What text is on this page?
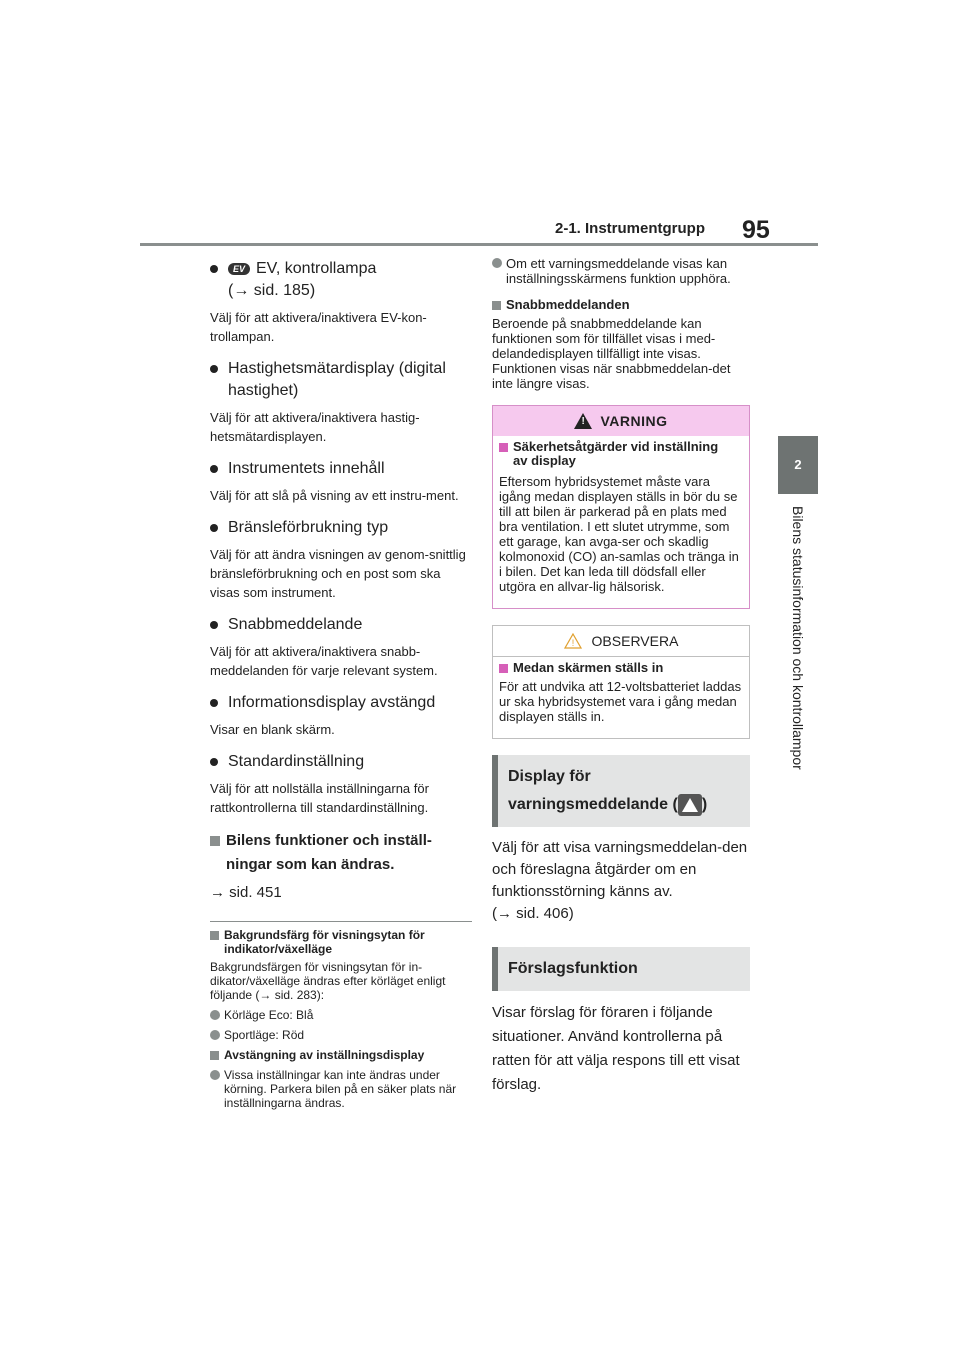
2-1. Instrumentgrupp 95
2
Bilens statusinformation och kontrollampor

EV EV, kontrollampa
(→ sid. 185)

Välj för att aktivera/inaktivera EV-kon-trollampan.

Hastighetsmätardisplay (digital
hastighet)

Välj för att aktivera/inaktivera hastig-hetsmätardisplayen.

Instrumentets innehåll

Välj för att slå på visning av ett instru-ment.

Bränsleförbrukning typ

Välj för att ändra visningen av genom-snittlig bränsleförbrukning och en post som ska visas som instrument.

Snabbmeddelande

Välj för att aktivera/inaktivera snabb-meddelanden för varje relevant system.

Informationsdisplay avstängd

Visar en blank skärm.

Standardinställning

Välj för att nollställa inställningarna för rattkontrollerna till standardinställning.

Bilens funktioner och inställ-
ningar som kan ändras.

→ sid. 451

Bakgrundsfärg för visningsytan för
indikator/växelläge

Bakgrundsfärgen för visningsytan för in-dikator/växelläge ändras efter körläget enligt följande (→ sid. 283):

Körläge Eco: Blå

Sportläge: Röd

Avstängning av inställningsdisplay

Vissa inställningar kan inte ändras under körning. Parkera bilen på en säker plats när inställningarna ändras.

Om ett varningsmeddelande visas kan inställningsskärmens funktion upphöra.

Snabbmeddelanden

Beroende på snabbmeddelande kan funktionen som för tillfället visas i med-delandedisplayen tillfälligt inte visas. Funktionen visas när snabbmeddelan-det inte längre visas.

!
VARNING

Säkerhetsåtgärder vid inställning
av display

Eftersom hybridsystemet måste vara igång medan displayen ställs in bör du se till att bilen är parkerad på en plats med bra ventilation. I ett slutet utrymme, som ett garage, kan avga-ser och skadlig kolmonoxid (CO) an-samlas och tränga in i bilen. Det kan leda till dödsfall eller utgöra en allvar-lig hälsorisk.

! OBSERVERA

Medan skärmen ställs in

För att undvika att 12-voltsbatteriet laddas ur ska hybridsystemet vara i gång medan displayen ställs in.

Display för
varningsmeddelande ( )

Välj för att visa varningsmeddelan-den och föreslagna åtgärder om en funktionsstörning känns av.

(→ sid. 406)

Förslagsfunktion

Visar förslag för föraren i följande situationer. Använd kontrollerna på ratten för att välja respons till ett visat förslag.
